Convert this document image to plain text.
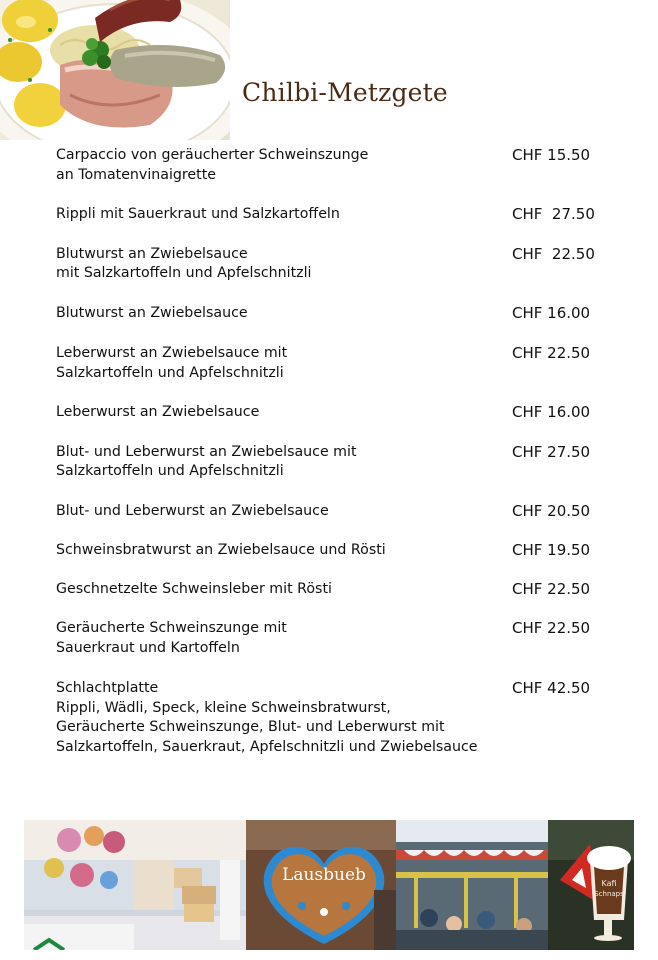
Chilbi-Metzgete
Carpaccio von geräucherter Schweinszunge
an Tomatenvinaigrette
CHF 15.50
Rippli mit Sauerkraut und Salzkartoffeln	CHF  27.50
Blutwurst an Zwiebelsauce
mit Salzkartoffeln und Apfelschnitzli
CHF  22.50
Blutwurst an Zwiebelsauce	CHF 16.00
Leberwurst an Zwiebelsauce mit
Salzkartoffeln und Apfelschnitzli
CHF 22.50
Leberwurst an Zwiebelsauce	CHF 16.00
Blut- und Leberwurst an Zwiebelsauce mit
Salzkartoffeln und Apfelschnitzli
CHF 27.50
Blut- und Leberwurst an Zwiebelsauce	CHF 20.50
Schweinsbratwurst an Zwiebelsauce und Rösti	CHF 19.50
Geschnetzelte Schweinsleber mit Rösti	CHF 22.50
Geräucherte Schweinszunge mit
Sauerkraut und Kartoffeln
CHF 22.50
Schlachtplatte
Rippli, Wädli, Speck, kleine Schweinsbratwurst,
Geräucherte Schweinszunge, Blut- und Leberwurst mit
Salzkartoffeln, Sauerkraut, Apfelschnitzli und Zwiebelsauce
CHF 42.50
Lausbueb	Kafi
Schnaps
